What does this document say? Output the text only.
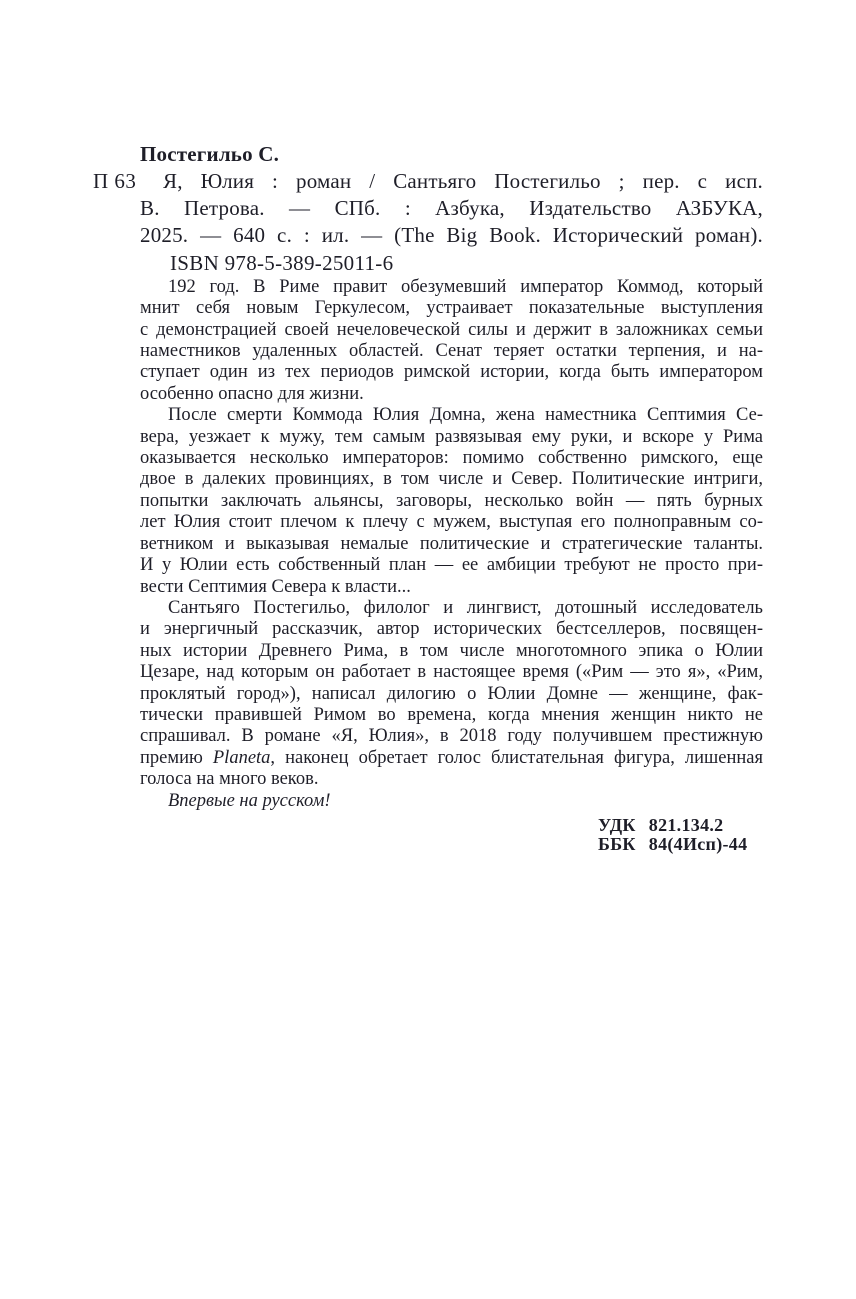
Постегильо С.
П 63	Я, Юлия : роман / Сантьяго Постегильо ; пер. с исп.
В. Петрова. — СПб. : Азбука, Издательство АЗБУКА,
2025. — 640 с. : ил. — (The Big Book. Исторический роман).
ISBN 978-5-389-25011-6
192 год. В Риме правит обезумевший император Коммод, который
мнит себя новым Геркулесом, устраивает показательные выступления
с демонстрацией своей нечеловеческой силы и держит в заложниках семьи
наместников удаленных областей. Сенат теряет остатки терпения, и на-
ступает один из тех периодов римской истории, когда быть императором
особенно опасно для жизни.
После смерти Коммода Юлия Домна, жена наместника Септимия Се-
вера, уезжает к мужу, тем самым развязывая ему руки, и вскоре у Рима
оказывается несколько императоров: помимо собственно римского, еще
двое в далеких провинциях, в том числе и Север. Политические интриги,
попытки заключать альянсы, заговоры, несколько войн — пять бурных
лет Юлия стоит плечом к плечу с мужем, выступая его полноправным со-
ветником и выказывая немалые политические и стратегические таланты.
И у Юлии есть собственный план — ее амбиции требуют не просто при-
вести Септимия Севера к власти...
Сантьяго Постегильо, филолог и лингвист, дотошный исследователь
и энергичный рассказчик, автор исторических бестселлеров, посвящен-
ных истории Древнего Рима, в том числе многотомного эпика о Юлии
Цезаре, над которым он работает в настоящее время («Рим — это я», «Рим,
проклятый город»), написал дилогию о Юлии Домне — женщине, фак-
тически правившей Римом во времена, когда мнения женщин никто не
спрашивал. В романе «Я, Юлия», в 2018 году получившем престижную
премию Planeta, наконец обретает голос блистательная фигура, лишенная
голоса на много веков.
Впервые на русском!
УДК 821.134.2
ББК 84(4Исп)-44
